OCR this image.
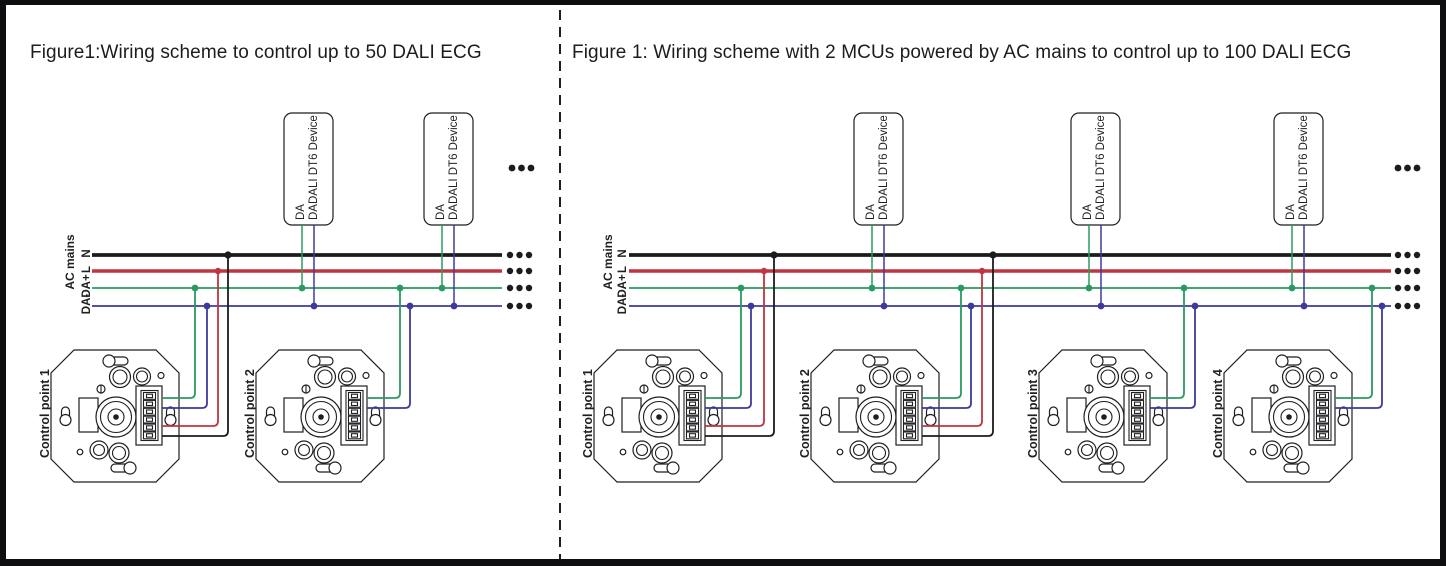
AC mains N
L
DA+
DA-
DA DA
DALI DT6 Device
DA DA
DALI DT6 Device
Control point 1	Control point 2
AC mains N
L
DA+
DA-
DA DA
DALI DT6 Device
DA DA
DALI DT6 Device
DA DA
DALI DT6 Device
Control point 1	Control point 2	Control point 3	Control point 4
Figure1:Wiring scheme to control up to 50 DALI ECG	Figure 1: Wiring scheme with 2 MCUs powered by AC mains to control up to 100 DALI ECG
